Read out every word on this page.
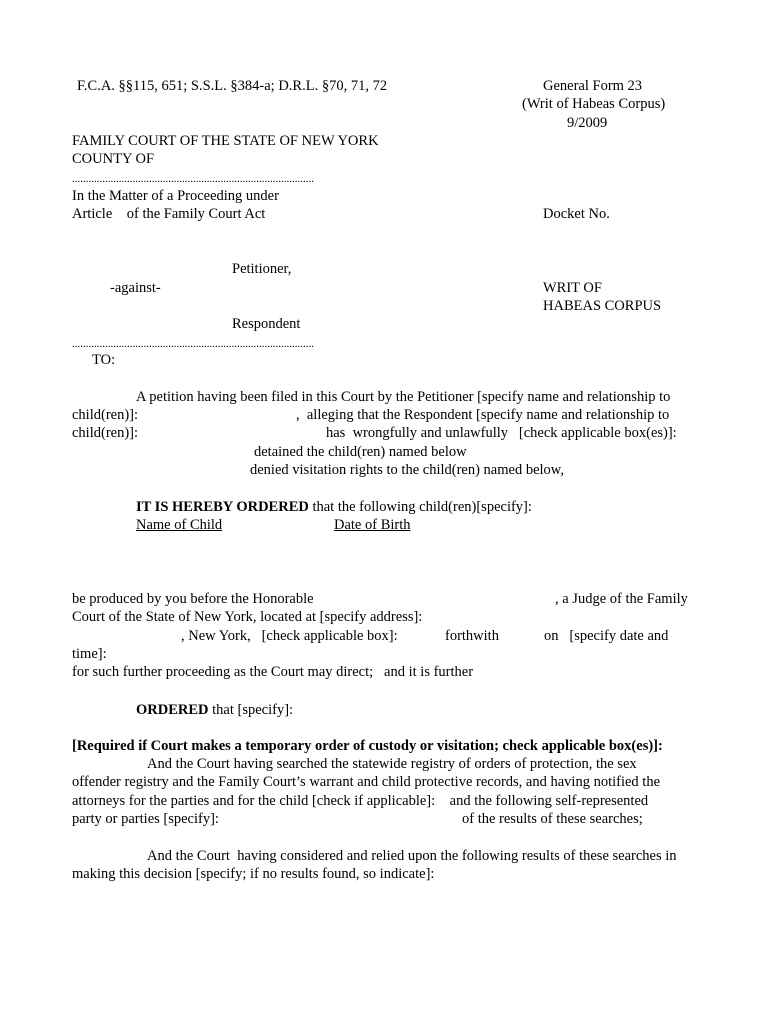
F.C.A. §§115, 651; S.S.L. §384-a; D.R.L. §70, 71, 72	General Form 23
(Writ of Habeas Corpus)
9/2009
FAMILY COURT OF THE STATE OF NEW YORK
COUNTY OF
........................................................................................
In the Matter of a Proceeding under
Article    of the Family Court Act	Docket No.
Petitioner,
-against-	WRIT OF
HABEAS CORPUS
Respondent
........................................................................................
TO:
A petition having been filed in this Court by the Petitioner [specify name and relationship to
child(ren)]:	,  alleging that the Respondent [specify name and relationship to
child(ren)]:	has  wrongfully and unlawfully   [check applicable box(es)]:
detained the child(ren) named below
denied visitation rights to the child(ren) named below,
IT IS HEREBY ORDERED that the following child(ren)[specify]:
Name of Child	Date of Birth
be produced by you before the Honorable	, a Judge of the Family
Court of the State of New York, located at [specify address]:
, New York,   [check applicable box]:	forthwith	on   [specify date and
time]:
for such further proceeding as the Court may direct;   and it is further
ORDERED that [specify]:
[Required if Court makes a temporary order of custody or visitation; check applicable box(es)]:
And the Court having searched the statewide registry of orders of protection, the sex
offender registry and the Family Court’s warrant and child protective records, and having notified the
attorneys for the parties and for the child [check if applicable]:    and the following self-represented
party or parties [specify]:	of the results of these searches;
And the Court  having considered and relied upon the following results of these searches in
making this decision [specify; if no results found, so indicate]:
